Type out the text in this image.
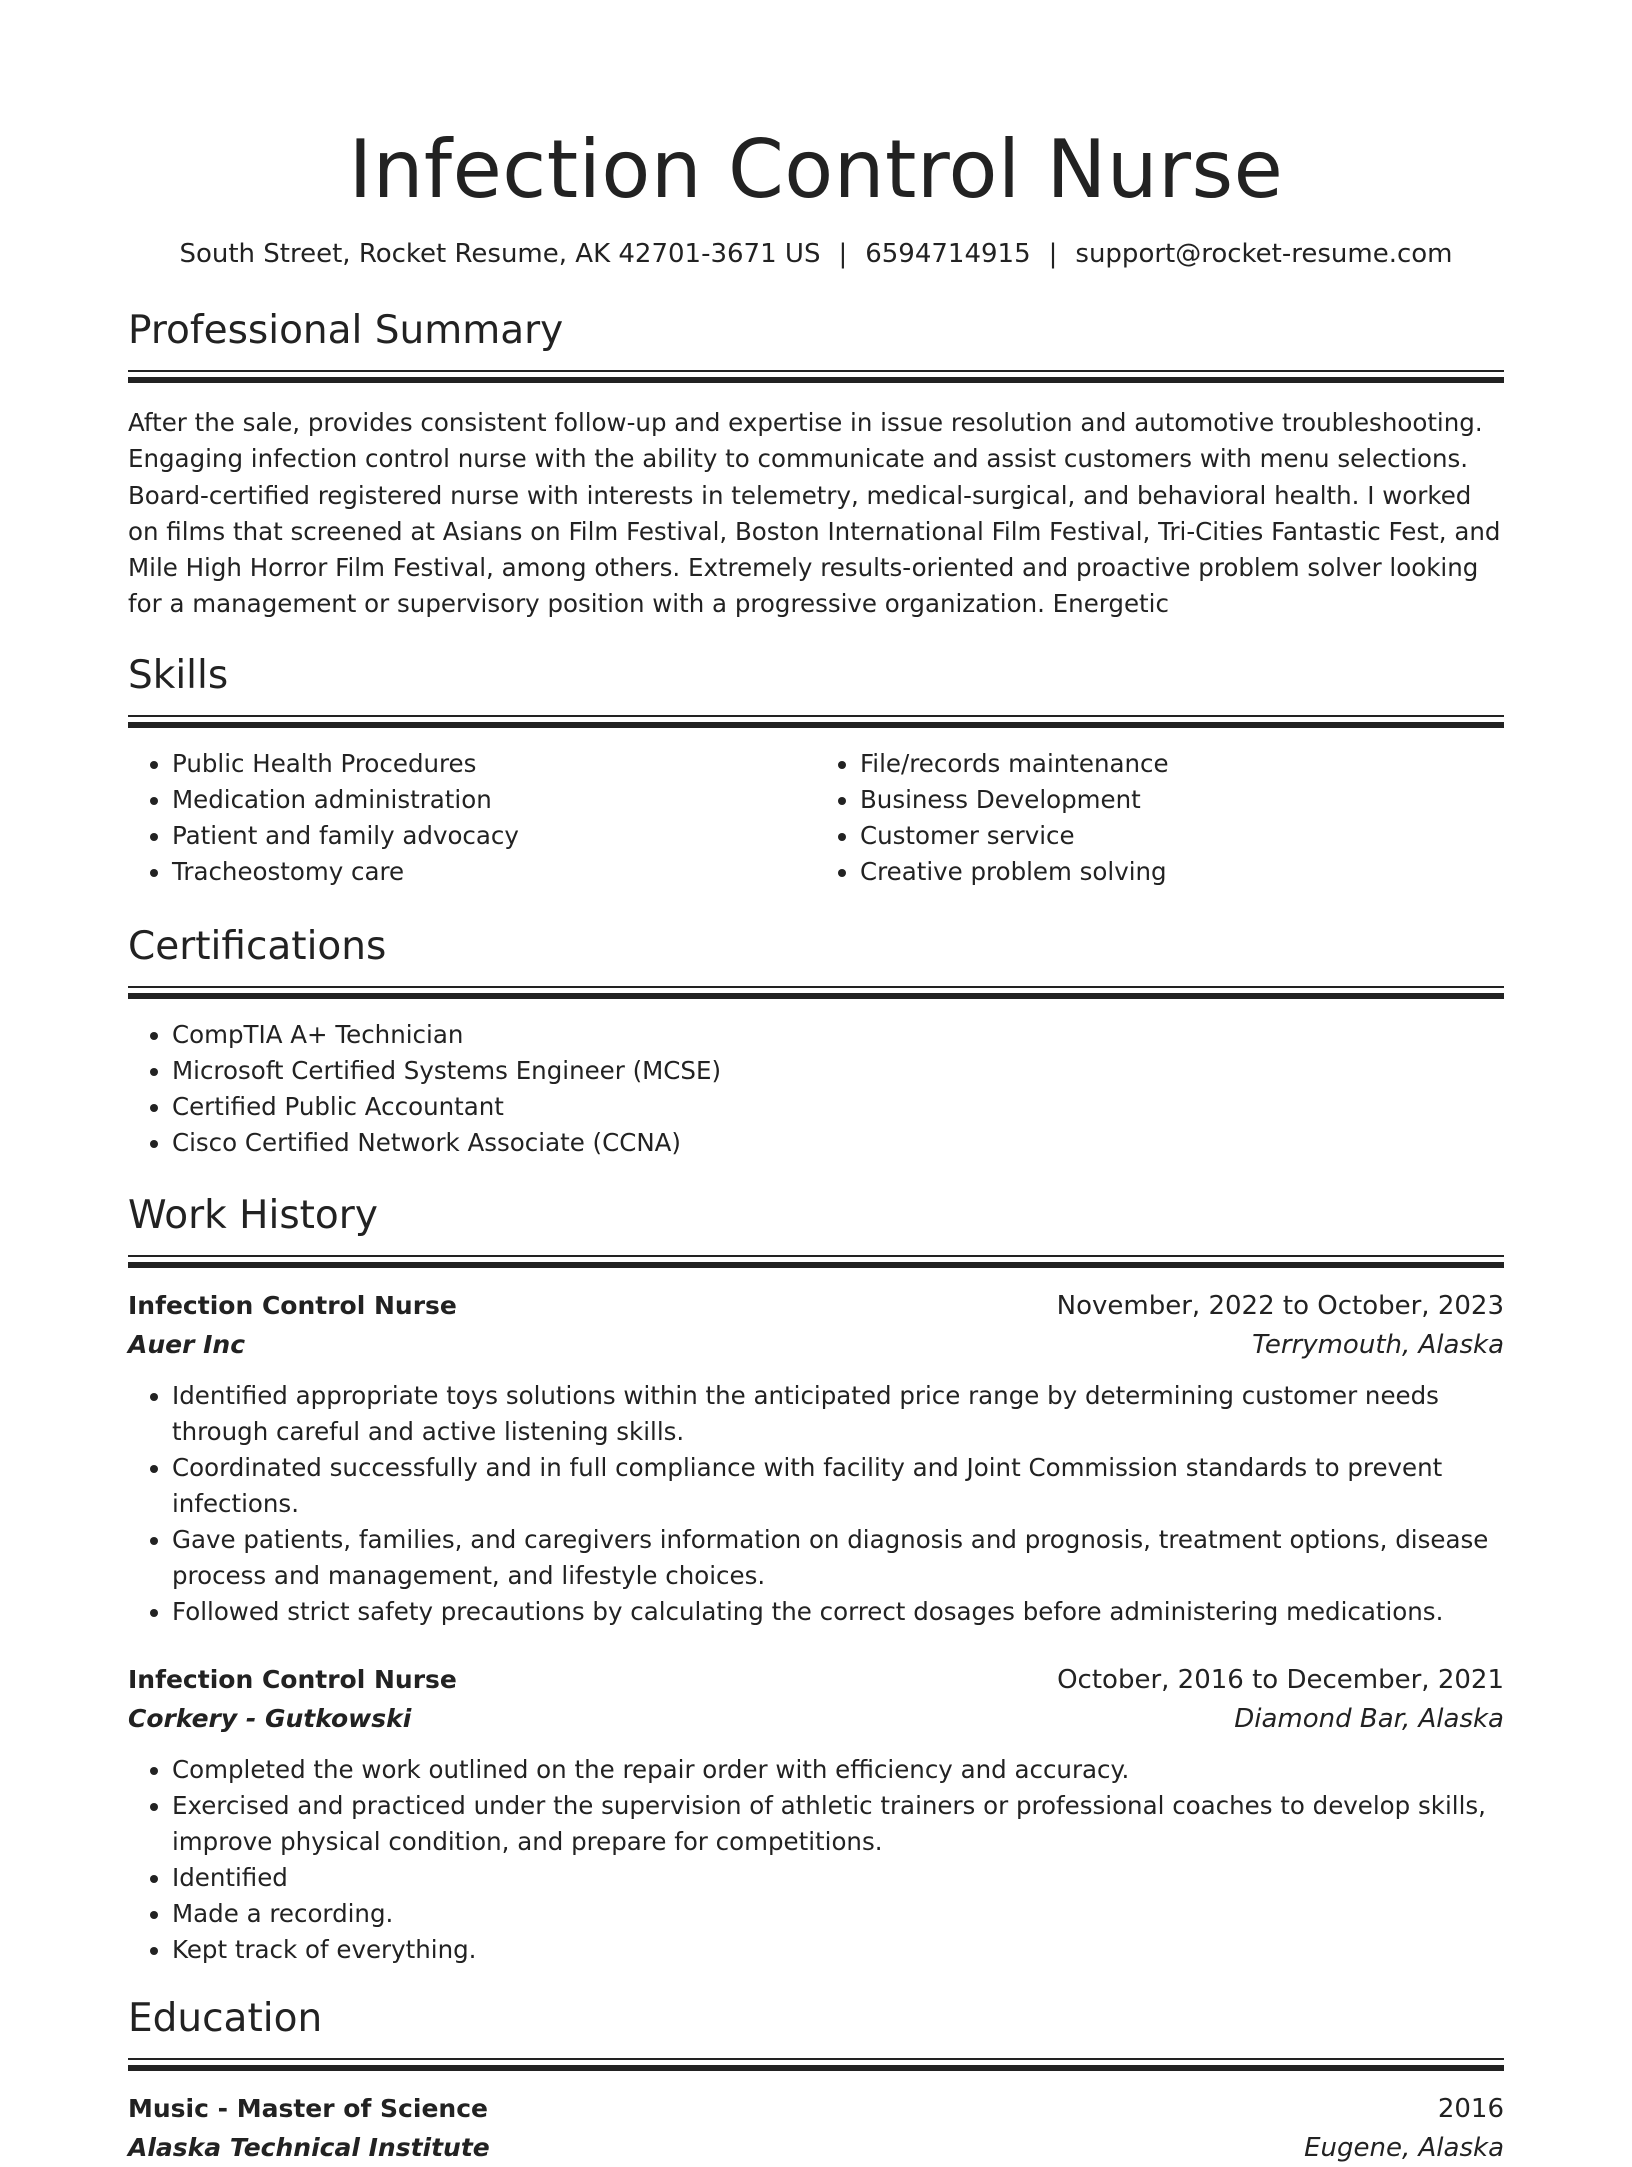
Infection Control Nurse
South Street, Rocket Resume, AK 42701-3671 US | 6594714915 | support@rocket-resume.com
Professional Summary

After the sale, provides consistent follow-up and expertise in issue resolution and automotive troubleshooting. Engaging infection control nurse with the ability to communicate and assist customers with menu selections. Board-certified registered nurse with interests in telemetry, medical-surgical, and behavioral health. I worked on films that screened at Asians on Film Festival, Boston International Film Festival, Tri-Cities Fantastic Fest, and Mile High Horror Film Festival, among others. Extremely results-oriented and proactive problem solver looking for a management or supervisory position with a progressive organization. Energetic

Skills
• Public Health Procedures
• Medication administration
• Patient and family advocacy
• Tracheostomy care
• File/records maintenance
• Business Development
• Customer service
• Creative problem solving
Certifications
• CompTIA A+ Technician
• Microsoft Certified Systems Engineer (MCSE)
• Certified Public Accountant
• Cisco Certified Network Associate (CCNA)
Work History
Infection Control Nurse	November, 2022 to October, 2023
Auer Inc	Terrymouth, Alaska
• Identified appropriate toys solutions within the anticipated price range by determining customer needs through careful and active listening skills.
• Coordinated successfully and in full compliance with facility and Joint Commission standards to prevent infections.
• Gave patients, families, and caregivers information on diagnosis and prognosis, treatment options, disease process and management, and lifestyle choices.
• Followed strict safety precautions by calculating the correct dosages before administering medications.
Infection Control Nurse	October, 2016 to December, 2021
Corkery - Gutkowski	Diamond Bar, Alaska
• Completed the work outlined on the repair order with efficiency and accuracy.
• Exercised and practiced under the supervision of athletic trainers or professional coaches to develop skills, improve physical condition, and prepare for competitions.
• Identified
• Made a recording.
• Kept track of everything.
Education
Music - Master of Science	2016
Alaska Technical Institute	Eugene, Alaska
